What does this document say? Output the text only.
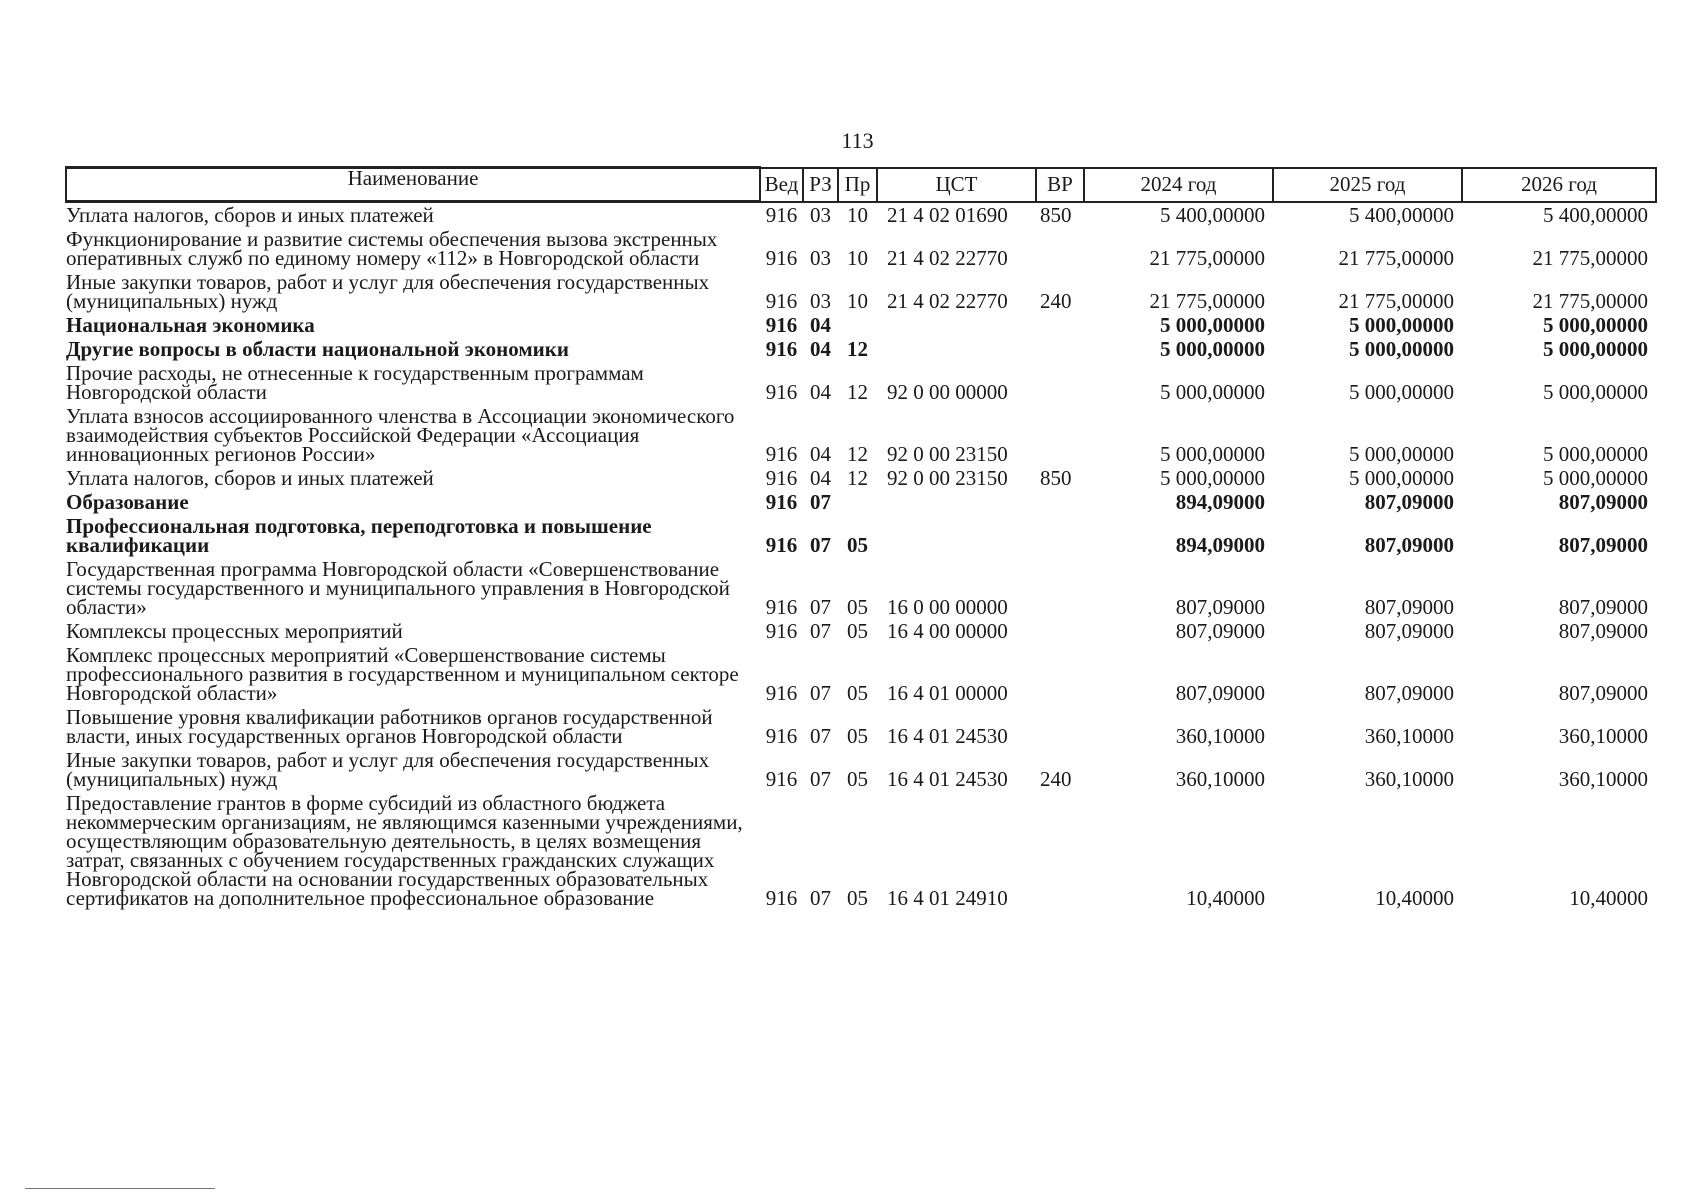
113
Наименование	Вед	РЗ	Пр	ЦСТ	ВР	2024 год	2025 год	2026 год
Уплата налогов, сборов и иных платежей	916	03	10	21 4 02 01690	850	5 400,00000	5 400,00000	5 400,00000
Функционирование и развитие системы обеспечения вызова экстренных оперативных служб по единому номеру «112» в Новгородской области	916	03	10	21 4 02 22770		21 775,00000	21 775,00000	21 775,00000
Иные закупки товаров, работ и услуг для обеспечения государственных (муниципальных) нужд	916	03	10	21 4 02 22770	240	21 775,00000	21 775,00000	21 775,00000
Национальная экономика	916	04				5 000,00000	5 000,00000	5 000,00000
Другие вопросы в области национальной экономики	916	04	12			5 000,00000	5 000,00000	5 000,00000
Прочие расходы, не отнесенные к государственным программам Новгородской области	916	04	12	92 0 00 00000		5 000,00000	5 000,00000	5 000,00000
Уплата взносов ассоциированного членства в Ассоциации экономического взаимодействия субъектов Российской Федерации «Ассоциация инновационных регионов России»	916	04	12	92 0 00 23150		5 000,00000	5 000,00000	5 000,00000
Уплата налогов, сборов и иных платежей	916	04	12	92 0 00 23150	850	5 000,00000	5 000,00000	5 000,00000
Образование	916	07				894,09000	807,09000	807,09000
Профессиональная подготовка, переподготовка и повышение квалификации	916	07	05			894,09000	807,09000	807,09000
Государственная программа Новгородской области «Совершенствование системы государственного и муниципального управления в Новгородской области»	916	07	05	16 0 00 00000		807,09000	807,09000	807,09000
Комплексы процессных мероприятий	916	07	05	16 4 00 00000		807,09000	807,09000	807,09000
Комплекс процессных мероприятий «Совершенствование системы профессионального развития в государственном и муниципальном секторе Новгородской области»	916	07	05	16 4 01 00000		807,09000	807,09000	807,09000
Повышение уровня квалификации работников органов государственной власти, иных государственных органов Новгородской области	916	07	05	16 4 01 24530		360,10000	360,10000	360,10000
Иные закупки товаров, работ и услуг для обеспечения государственных (муниципальных) нужд	916	07	05	16 4 01 24530	240	360,10000	360,10000	360,10000
Предоставление грантов в форме субсидий из областного бюджета некоммерческим организациям, не являющимся казенными учреждениями, осуществляющим образовательную деятельность, в целях возмещения затрат, связанных с обучением государственных гражданских служащих Новгородской области на основании государственных образовательных сертификатов на дополнительное профессиональное образование	916	07	05	16 4 01 24910		10,40000	10,40000	10,40000
